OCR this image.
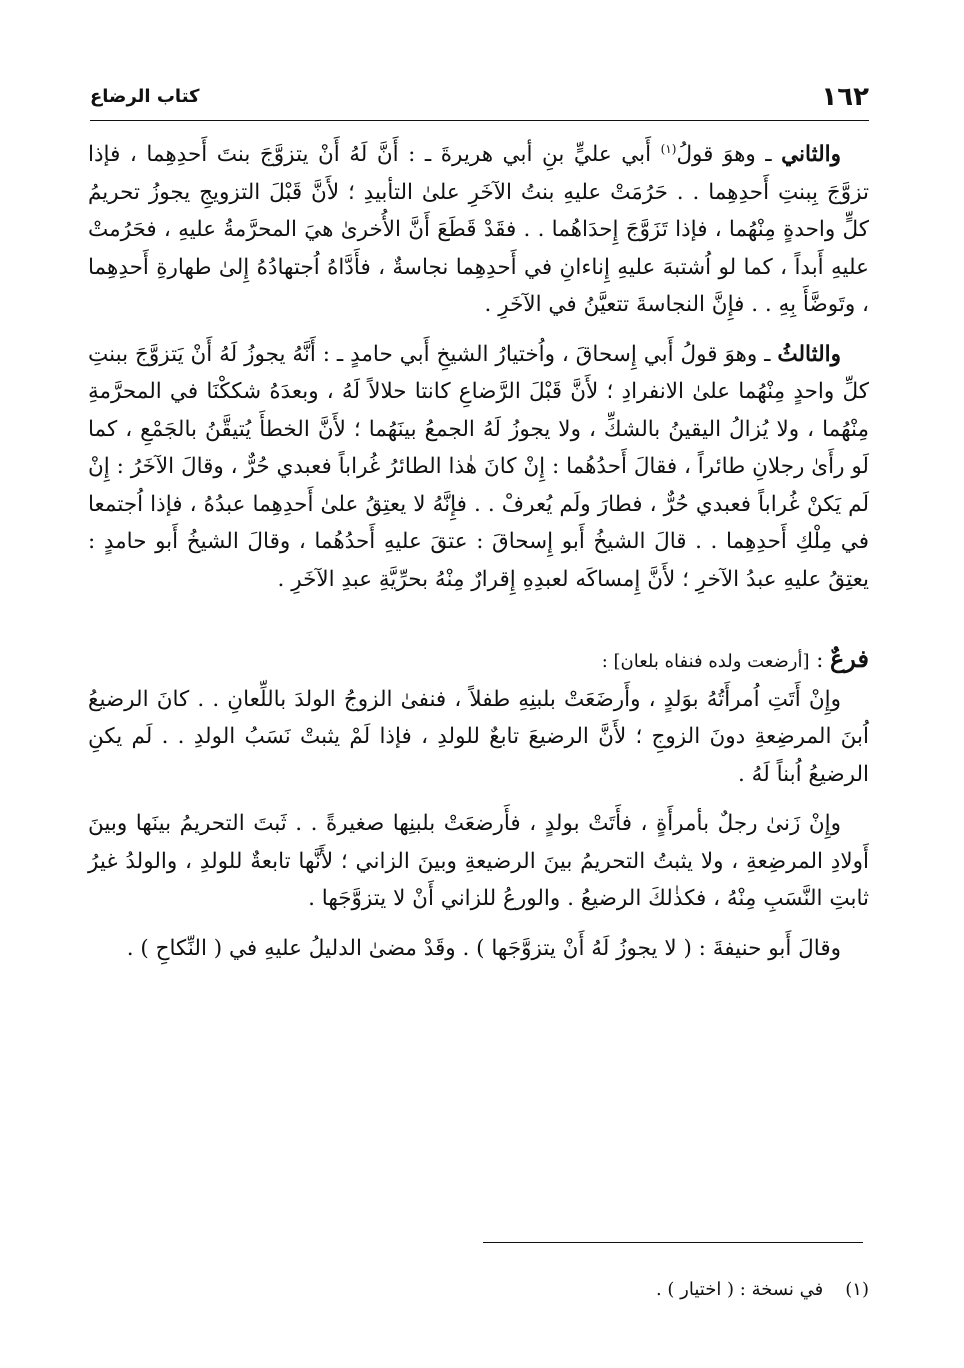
١٦٢
كتاب الرضاع

والثاني ـ وهوَ قولُ$^{(١)}$ أَبي عليٍّ بنِ أبي هريرةَ ـ : أَنَّ لَهُ أَنْ يتزوَّجَ بنتَ أَحدِهِما ، فإذا تزوَّجَ بِبنتِ أَحدِهِما . . حَرُمَتْ عليهِ بنتُ الآخَرِ علىٰ التأبيدِ ؛ لأَنَّ قَبْلَ التزويجِ يجوزُ تحريمُ كلٍّ واحدةٍ مِنْهُما ، فإذا تَزَوَّجَ إِحدَاهُما . . فقَدْ قَطَعَ أَنَّ الأُخرىٰ هيَ المحرَّمةُ عليهِ ، فحَرُمتْ عليهِ أَبداً ، كما لو اُشتبهَ عليهِ إِناءانِ في أَحدِهِما نجاسةٌ ، فأَدَّاهُ اُجتهادُهُ إِلىٰ طهارةِ أَحدِهِما ، وتَوضَّأَ بِهِ . . فإِنَّ النجاسةَ تتعيَّنُ في الآخَرِ .

والثالثُ ـ وهوَ قولُ أَبي إِسحاقَ ، واُختيارُ الشيخِ أَبي حامدٍ ـ : أَنَّهُ يجوزُ لَهُ أَنْ يَتزوَّجَ ببنتِ كلِّ واحدٍ مِنْهُما علىٰ الانفرادِ ؛ لأَنَّ قَبْلَ الرَّضاعِ كانتا حلالاً لَهُ ، وبعدَهُ شككْنَا في المحرَّمةِ مِنْهُما ، ولا يُزالُ اليقينُ بالشكِّ ، ولا يجوزُ لَهُ الجمعُ بينَهُما ؛ لأَنَّ الخطأَ يُتيقَّنُ بالجَمْعِ ، كما لَو رأَىٰ رجلانِ طائراً ، فقالَ أَحدُهُما : إِنْ كانَ هٰذا الطائرُ غُراباً فعبدي حُرٌّ ، وقالَ الآخَرُ : إِنْ لَم يَكنْ غُراباً فعبدي حُرٌّ ، فطارَ ولَم يُعرفْ . . فإِنَّهُ لا يعتِقُ علىٰ أَحدِهِما عبدُهُ ، فإذا اُجتمعا في مِلْكِ أَحدِهِما . . قالَ الشيخُ أَبو إِسحاقَ : عتقَ عليهِ أَحدُهُما ، وقالَ الشيخُ أَبو حامدٍ : يعتِقُ عليهِ عبدُ الآخرِ ؛ لأَنَّ إِمساكَه لعبدِهِ إِقرارٌ مِنْهُ بحرِّيَّةِ عبدِ الآخَرِ .

فرعٌ : [أرضعت ولده فنفاه بلعان] :

وإِنْ أَتَتِ اُمرأَتُهُ بوَلدٍ ، وأَرضَعَتْ بلبنِهِ طفلاً ، فنفىٰ الزوجُ الولدَ باللِّعانِ . . كانَ الرضيعُ اُبنَ المرضِعةِ دونَ الزوجِ ؛ لأَنَّ الرضيعَ تابعٌ للولدِ ، فإذا لَمْ يثبتْ نَسَبُ الولدِ . . لَم يكنِ الرضيعُ اُبناً لَهُ .

وإِنْ زَنىٰ رجلٌ بأمرأَةٍ ، فأَتَتْ بولدٍ ، فأَرضعَتْ بلبنِها صغيرةً . . ثَبتَ التحريمُ بينَها وبينَ أَولادِ المرضِعةِ ، ولا يثبتُ التحريمُ بينَ الرضيعةِ وبينَ الزاني ؛ لأَنَّها تابعةٌ للولدِ ، والولدُ غيرُ ثابتِ النَّسَبِ مِنْهُ ، فكذٰلكَ الرضيعُ . والورعُ للزاني أَنْ لا يتزوَّجَها .

وقالَ أَبو حنيفةَ : ( لا يجوزُ لَهُ أَنْ يتزوَّجَها ) . وقَدْ مضىٰ الدليلُ عليهِ في ( النِّكاحِ ) .

(١)في نسخة : ( اختيار ) .
